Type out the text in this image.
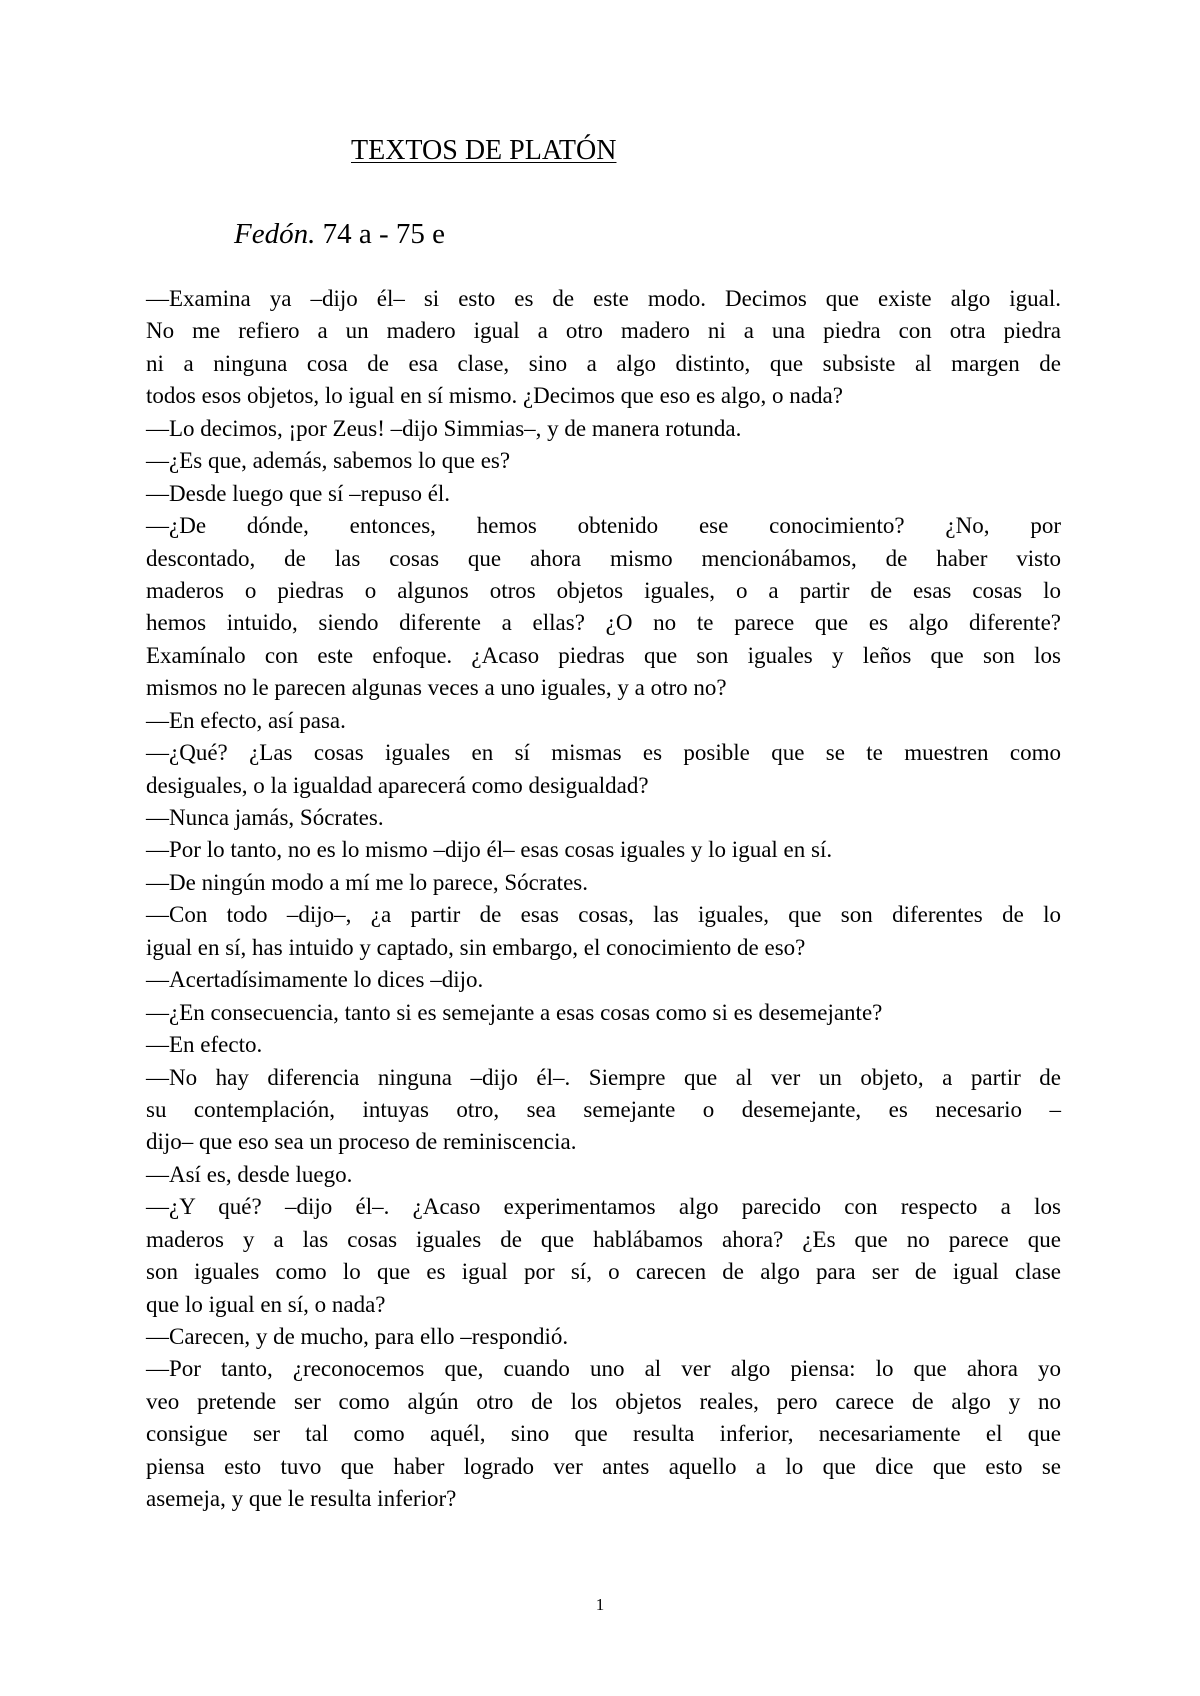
TEXTOS DE PLATÓN
Fedón. 74 a - 75 e
—Examina ya –dijo él– si esto es de este modo. Decimos que existe algo igual.
No me refiero a un madero igual a otro madero ni a una piedra con otra piedra
ni a ninguna cosa de esa clase, sino a algo distinto, que subsiste al margen de
todos esos objetos, lo igual en sí mismo. ¿Decimos que eso es algo, o nada?
—Lo decimos, ¡por Zeus! –dijo Simmias–, y de manera rotunda.
—¿Es que, además, sabemos lo que es?
—Desde luego que sí –repuso él.
—¿De dónde, entonces, hemos obtenido ese conocimiento? ¿No, por
descontado, de las cosas que ahora mismo mencionábamos, de haber visto
maderos o piedras o algunos otros objetos iguales, o a partir de esas cosas lo
hemos intuido, siendo diferente a ellas? ¿O no te parece que es algo diferente?
Examínalo con este enfoque. ¿Acaso piedras que son iguales y leños que son los
mismos no le parecen algunas veces a uno iguales, y a otro no?
—En efecto, así pasa.
—¿Qué? ¿Las cosas iguales en sí mismas es posible que se te muestren como
desiguales, o la igualdad aparecerá como desigualdad?
—Nunca jamás, Sócrates.
—Por lo tanto, no es lo mismo –dijo él– esas cosas iguales y lo igual en sí.
—De ningún modo a mí me lo parece, Sócrates.
—Con todo –dijo–, ¿a partir de esas cosas, las iguales, que son diferentes de lo
igual en sí, has intuido y captado, sin embargo, el conocimiento de eso?
—Acertadísimamente lo dices –dijo.
—¿En consecuencia, tanto si es semejante a esas cosas como si es desemejante?
—En efecto.
—No hay diferencia ninguna –dijo él–. Siempre que al ver un objeto, a partir de
su contemplación, intuyas otro, sea semejante o desemejante, es necesario –
dijo– que eso sea un proceso de reminiscencia.
—Así es, desde luego.
—¿Y qué? –dijo él–. ¿Acaso experimentamos algo parecido con respecto a los
maderos y a las cosas iguales de que hablábamos ahora? ¿Es que no parece que
son iguales como lo que es igual por sí, o carecen de algo para ser de igual clase
que lo igual en sí, o nada?
—Carecen, y de mucho, para ello –respondió.
—Por tanto, ¿reconocemos que, cuando uno al ver algo piensa: lo que ahora yo
veo pretende ser como algún otro de los objetos reales, pero carece de algo y no
consigue ser tal como aquél, sino que resulta inferior, necesariamente el que
piensa esto tuvo que haber logrado ver antes aquello a lo que dice que esto se
asemeja, y que le resulta inferior?
1
